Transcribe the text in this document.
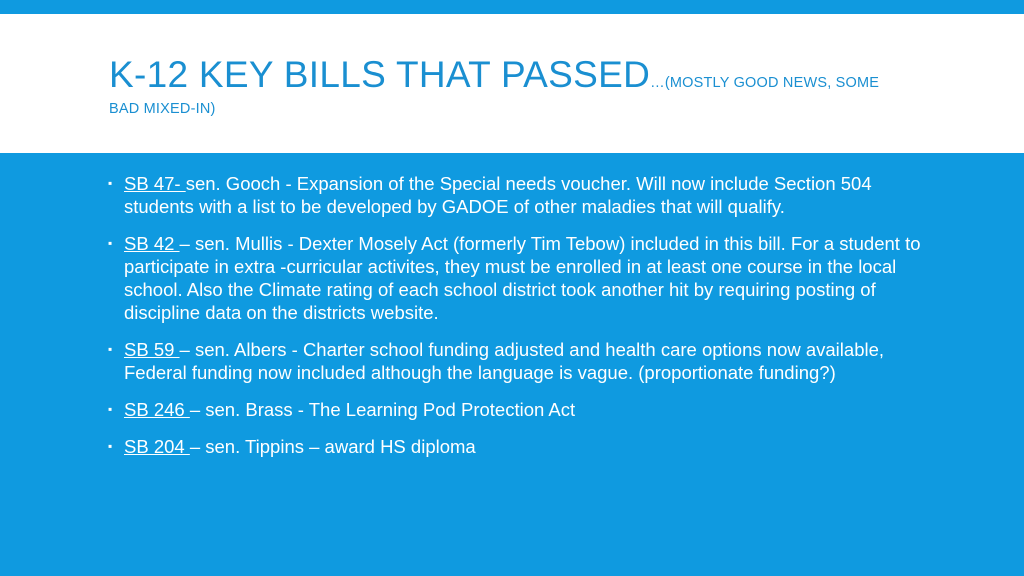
K-12 KEY BILLS THAT PASSED…(MOSTLY GOOD NEWS, SOME
BAD MIXED-IN)
▪ SB 47- sen. Gooch - Expansion of the Special needs voucher. Will now include Section 504 students with a list to be developed by GADOE of other maladies that will qualify.
▪ SB 42 – sen. Mullis - Dexter Mosely Act (formerly Tim Tebow) included in this bill. For a student to participate in extra -curricular activites, they must be enrolled in at least one course in the local school. Also the Climate rating of each school district took another hit by requiring posting of discipline data on the districts website.
▪ SB 59 – sen. Albers - Charter school funding adjusted and health care options now available, Federal funding now included although the language is vague. (proportionate funding?)
▪ SB 246 – sen. Brass - The Learning Pod Protection Act
▪ SB 204 – sen. Tippins – award HS diploma
